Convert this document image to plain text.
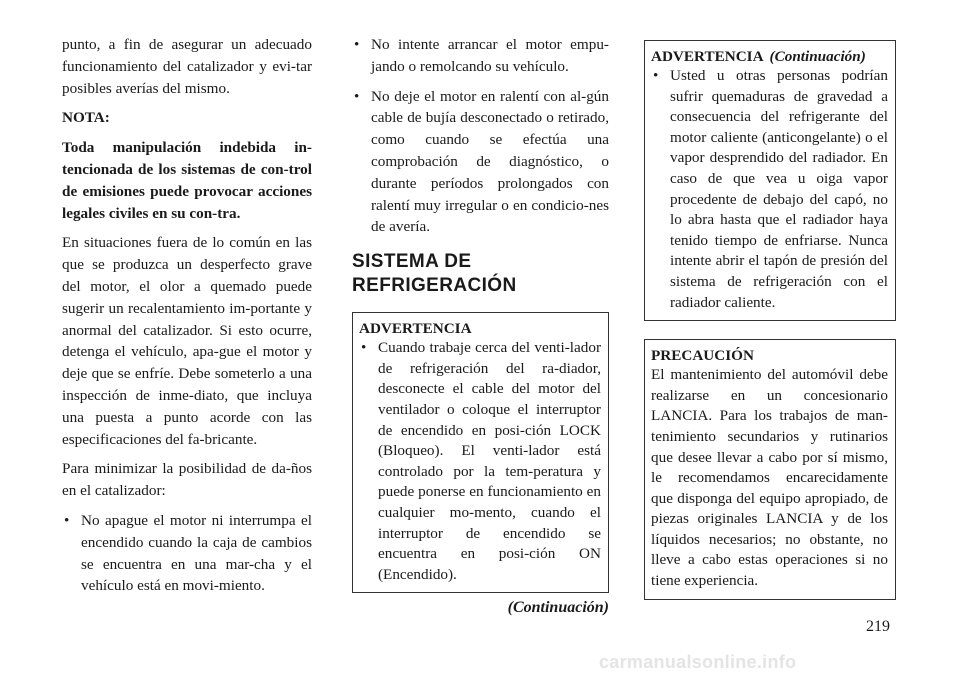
punto, a fin de asegurar un adecuado funcionamiento del catalizador y evi-tar posibles averías del mismo.

NOTA:

Toda manipulación indebida in-tencionada de los sistemas de con-trol de emisiones puede provocar acciones legales civiles en su con-tra.

En situaciones fuera de lo común en las que se produzca un desperfecto grave del motor, el olor a quemado puede sugerir un recalentamiento im-portante y anormal del catalizador. Si esto ocurre, detenga el vehículo, apa-gue el motor y deje que se enfríe. Debe someterlo a una inspección de inme-diato, que incluya una puesta a punto acorde con las especificaciones del fa-bricante.

Para minimizar la posibilidad de da-ños en el catalizador:

• No apague el motor ni interrumpa el encendido cuando la caja de cambios se encuentra en una mar-cha y el vehículo está en movi-miento.
• No intente arrancar el motor empu-jando o remolcando su vehículo.
• No deje el motor en ralentí con al-gún cable de bujía desconectado o retirado, como cuando se efectúa una comprobación de diagnóstico, o durante períodos prolongados con ralentí muy irregular o en condicio-nes de avería.
SISTEMA DE
REFRIGERACIÓN
ADVERTENCIA
• Cuando trabaje cerca del venti-lador de refrigeración del ra-diador, desconecte el cable del motor del ventilador o coloque el interruptor de encendido en posi-ción LOCK (Bloqueo). El venti-lador está controlado por la tem-peratura y puede ponerse en funcionamiento en cualquier mo-mento, cuando el interruptor de encendido se encuentra en posi-ción ON (Encendido).
(Continuación)
ADVERTENCIA (Continuación)
• Usted u otras personas podrían sufrir quemaduras de gravedad a consecuencia del refrigerante del motor caliente (anticongelante) o el vapor desprendido del radiador. En caso de que vea u oiga vapor procedente de debajo del capó, no lo abra hasta que el radiador haya tenido tiempo de enfriarse. Nunca intente abrir el tapón de presión del sistema de refrigeración con el radiador caliente.
PRECAUCIÓN

El mantenimiento del automóvil debe realizarse en un concesionario LANCIA. Para los trabajos de man-tenimiento secundarios y rutinarios que desee llevar a cabo por sí mismo, le recomendamos encarecidamente que disponga del equipo apropiado, de piezas originales LANCIA y de los líquidos necesarios; no obstante, no lleve a cabo estas operaciones si no tiene experiencia.

219
carmanualsonline.info
